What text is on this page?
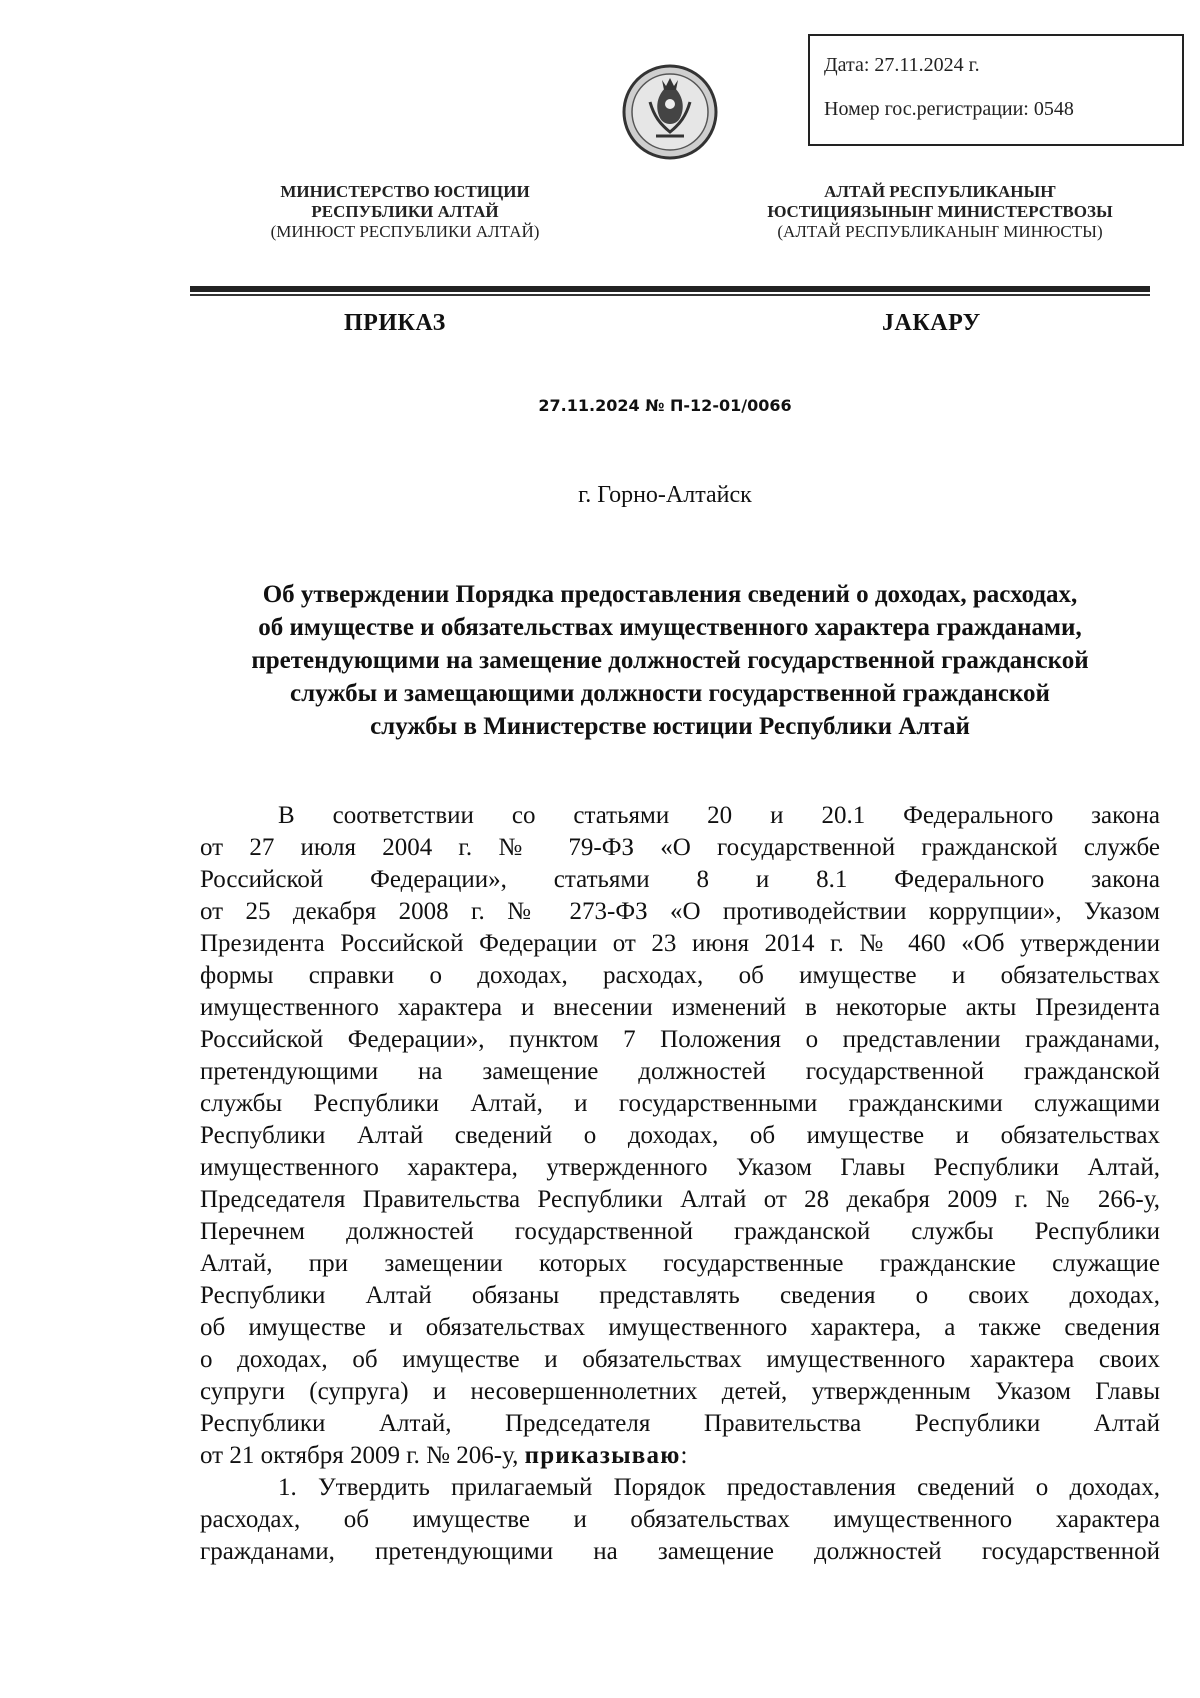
Дата: 27.11.2024 г.
Номер гос.регистрации: 0548
МИНИСТЕРСТВО ЮСТИЦИИ
РЕСПУБЛИКИ АЛТАЙ
(МИНЮСТ РЕСПУБЛИКИ АЛТАЙ)
АЛТАЙ РЕСПУБЛИКАНЫҤ
ЮСТИЦИЯЗЫНЫҤ МИНИСТЕРСТВОЗЫ
(АЛТАЙ РЕСПУБЛИКАНЫҤ МИНЮСТЫ)
ПРИКАЗ	ЈАКАРУ
27.11.2024 № П-12-01/0066
г. Горно-Алтайск
Об утверждении Порядка предоставления сведений о доходах, расходах,
об имуществе и обязательствах имущественного характера гражданами,
претендующими на замещение должностей государственной гражданской
службы и замещающими должности государственной гражданской
службы в Министерстве юстиции Республики Алтай
В соответствии со статьями 20 и 20.1 Федерального закона
от 27 июля 2004 г. № 79-ФЗ «О государственной гражданской службе
Российской Федерации», статьями 8 и 8.1 Федерального закона
от 25 декабря 2008 г. № 273-ФЗ «О противодействии коррупции», Указом
Президента Российской Федерации от 23 июня 2014 г. № 460 «Об утверждении
формы справки о доходах, расходах, об имуществе и обязательствах
имущественного характера и внесении изменений в некоторые акты Президента
Российской Федерации», пунктом 7 Положения о представлении гражданами,
претендующими на замещение должностей государственной гражданской
службы Республики Алтай, и государственными гражданскими служащими
Республики Алтай сведений о доходах, об имуществе и обязательствах
имущественного характера, утвержденного Указом Главы Республики Алтай,
Председателя Правительства Республики Алтай от 28 декабря 2009 г. № 266-у,
Перечнем должностей государственной гражданской службы Республики
Алтай, при замещении которых государственные гражданские служащие
Республики Алтай обязаны представлять сведения о своих доходах,
об имуществе и обязательствах имущественного характера, а также сведения
о доходах, об имуществе и обязательствах имущественного характера своих
супруги (супруга) и несовершеннолетних детей, утвержденным Указом Главы
Республики Алтай, Председателя Правительства Республики Алтай
от 21 октября 2009 г. № 206-у, приказываю:
1. Утвердить прилагаемый Порядок предоставления сведений о доходах,
расходах, об имуществе и обязательствах имущественного характера
гражданами, претендующими на замещение должностей государственной
